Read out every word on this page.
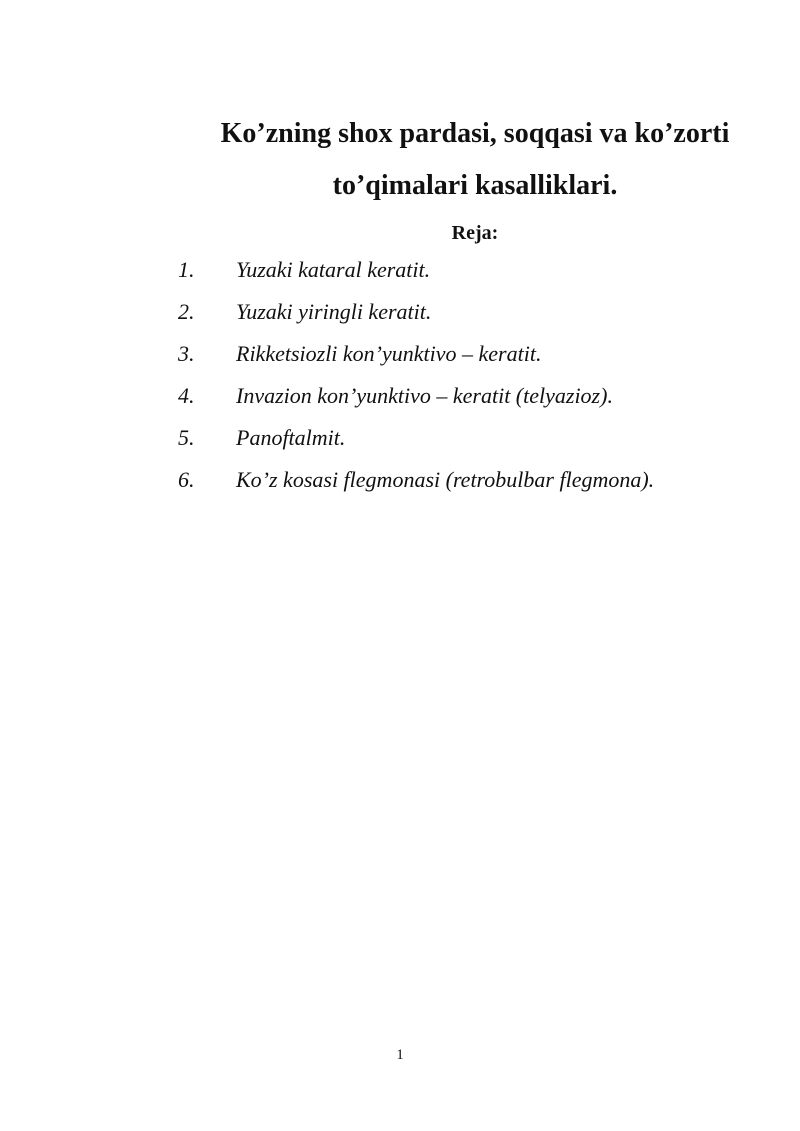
Ko’zning shox pardasi, soqqasi va ko’zorti
to’qimalari kasalliklari.
Reja:
1. Yuzaki kataral keratit.
2. Yuzaki yiringli keratit.
3. Rikketsiozli kon’yunktivo – keratit.
4. Invazion kon’yunktivo – keratit (telyazioz).
5. Panoftalmit.
6. Ko’z kosasi flegmonasi (retrobulbar flegmona).
1
